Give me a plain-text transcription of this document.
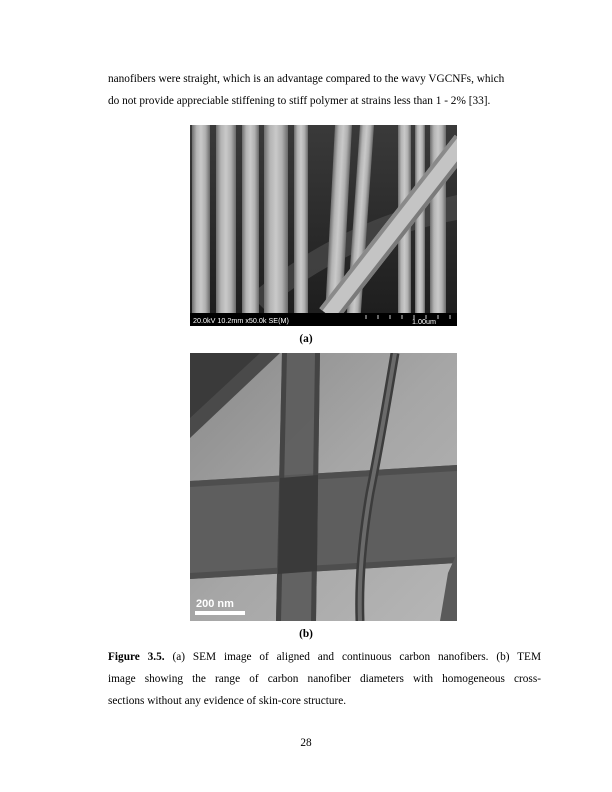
nanofibers were straight, which is an advantage compared to the wavy VGCNFs, which
do not provide appreciable stiffening to stiff polymer at strains less than 1 - 2% [33].

20.0kV 10.2mm x50.0k SE(M)	1.00um
(a)
200 nm
(b)
Figure 3.5. (a) SEM image of aligned and continuous carbon nanofibers. (b) TEM
image showing the range of carbon nanofiber diameters with homogeneous cross-
sections without any evidence of skin-core structure.
28
